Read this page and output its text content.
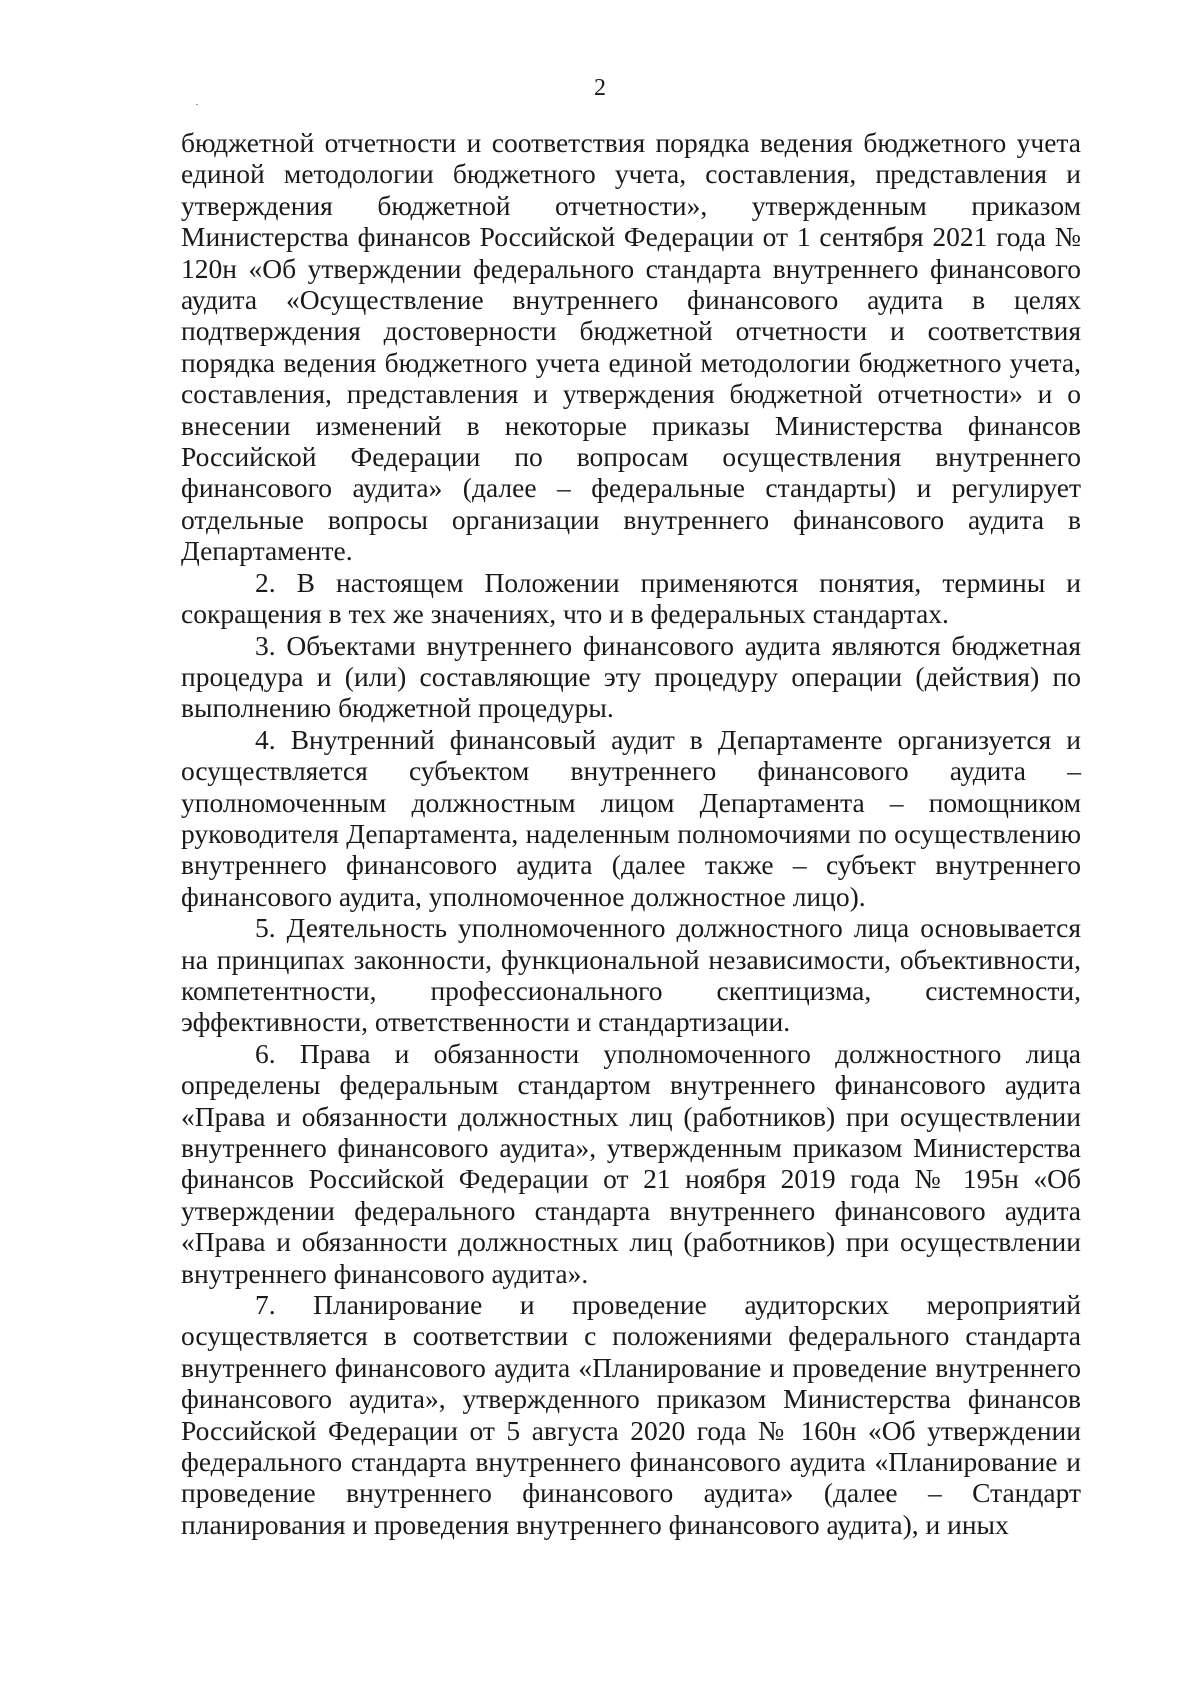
2

бюджетной отчетности и соответствия порядка ведения бюджетного учета единой методологии бюджетного учета, составления, представления и утверждения бюджетной отчетности», утвержденным приказом Министерства финансов Российской Федерации от 1 сентября 2021 года № 120н «Об утверждении федерального стандарта внутреннего финансового аудита «Осуществление внутреннего финансового аудита в целях подтверждения достоверности бюджетной отчетности и соответствия порядка ведения бюджетного учета единой методологии бюджетного учета, составления, представления и утверждения бюджетной отчетности» и о внесении изменений в некоторые приказы Министерства финансов Российской Федерации по вопросам осуществления внутреннего финансового аудита» (далее – федеральные стандарты) и регулирует отдельные вопросы организации внутреннего финансового аудита в Департаменте.

2. В настоящем Положении применяются понятия, термины и сокращения в тех же значениях, что и в федеральных стандартах.

3. Объектами внутреннего финансового аудита являются бюджетная процедура и (или) составляющие эту процедуру операции (действия) по выполнению бюджетной процедуры.

4. Внутренний финансовый аудит в Департаменте организуется и осуществляется субъектом внутреннего финансового аудита – уполномоченным должностным лицом Департамента – помощником руководителя Департамента, наделенным полномочиями по осуществлению внутреннего финансового аудита (далее также – субъект внутреннего финансового аудита, уполномоченное должностное лицо).

5. Деятельность уполномоченного должностного лица основывается на принципах законности, функциональной независимости, объективности, компетентности, профессионального скептицизма, системности, эффективности, ответственности и стандартизации.

6. Права и обязанности уполномоченного должностного лица определены федеральным стандартом внутреннего финансового аудита «Права и обязанности должностных лиц (работников) при осуществлении внутреннего финансового аудита», утвержденным приказом Министерства финансов Российской Федерации от 21 ноября 2019 года № 195н «Об утверждении федерального стандарта внутреннего финансового аудита «Права и обязанности должностных лиц (работников) при осуществлении внутреннего финансового аудита».

7. Планирование и проведение аудиторских мероприятий осуществляется в соответствии с положениями федерального стандарта внутреннего финансового аудита «Планирование и проведение внутреннего финансового аудита», утвержденного приказом Министерства финансов Российской Федерации от 5 августа 2020 года № 160н «Об утверждении федерального стандарта внутреннего финансового аудита «Планирование и проведение внутреннего финансового аудита» (далее – Стандарт планирования и проведения внутреннего финансового аудита), и иных
